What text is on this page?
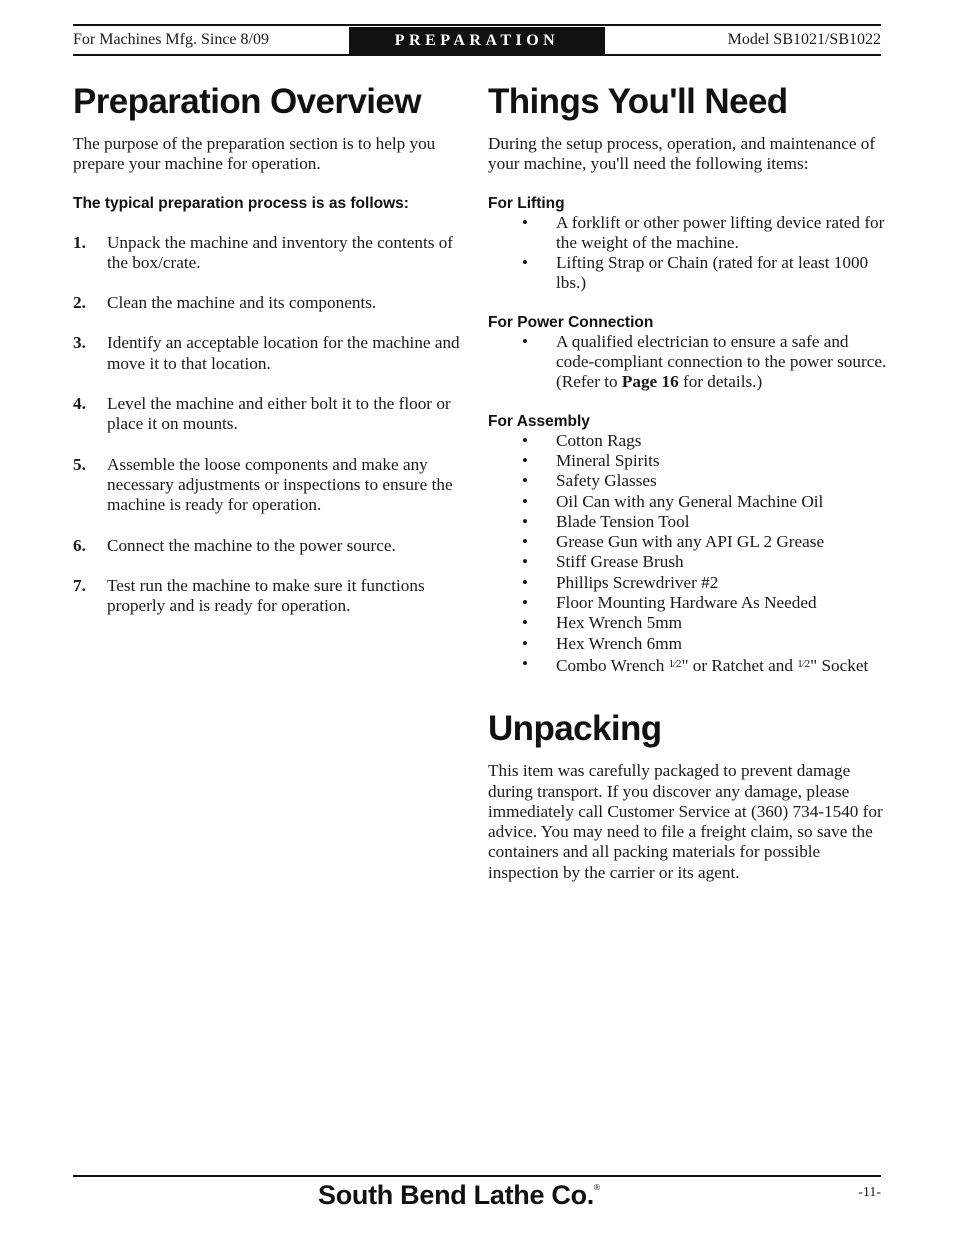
For Machines Mfg. Since 8/09	PREPARATION	Model SB1021/SB1022
Preparation Overview

The purpose of the preparation section is to help you prepare your machine for operation.

The typical preparation process is as follows:
1.	Unpack the machine and inventory the contents of the box/crate.
2.	Clean the machine and its components.
3.	Identify an acceptable location for the machine and move it to that location.
4.	Level the machine and either bolt it to the floor or place it on mounts.
5.	Assemble the loose components and make any necessary adjustments or inspections to ensure the machine is ready for operation.
6.	Connect the machine to the power source.
7.	Test run the machine to make sure it functions properly and is ready for operation.
Things You'll Need

During the setup process, operation, and maintenance of your machine, you'll need the following items:

For Lifting
•	A forklift or other power lifting device rated for the weight of the machine.
•	Lifting Strap or Chain (rated for at least 1000 lbs.)
For Power Connection
•	A qualified electrician to ensure a safe and code-compliant connection to the power source. (Refer to Page 16 for details.)
For Assembly
•	Cotton Rags
•	Mineral Spirits
•	Safety Glasses
•	Oil Can with any General Machine Oil
•	Blade Tension Tool
•	Grease Gun with any API GL 2 Grease
•	Stiff Grease Brush
•	Phillips Screwdriver #2
•	Floor Mounting Hardware As Needed
•	Hex Wrench 5mm
•	Hex Wrench 6mm
•	Combo Wrench $^{1⁄2}$" or Ratchet and $^{1⁄2}$" Socket
Unpacking

This item was carefully packaged to prevent damage during transport. If you discover any damage, please immediately call Customer Service at (360) 734-1540 for advice. You may need to file a freight claim, so save the containers and all packing materials for possible inspection by the carrier or its agent.

South Bend Lathe Co.®	-11-
